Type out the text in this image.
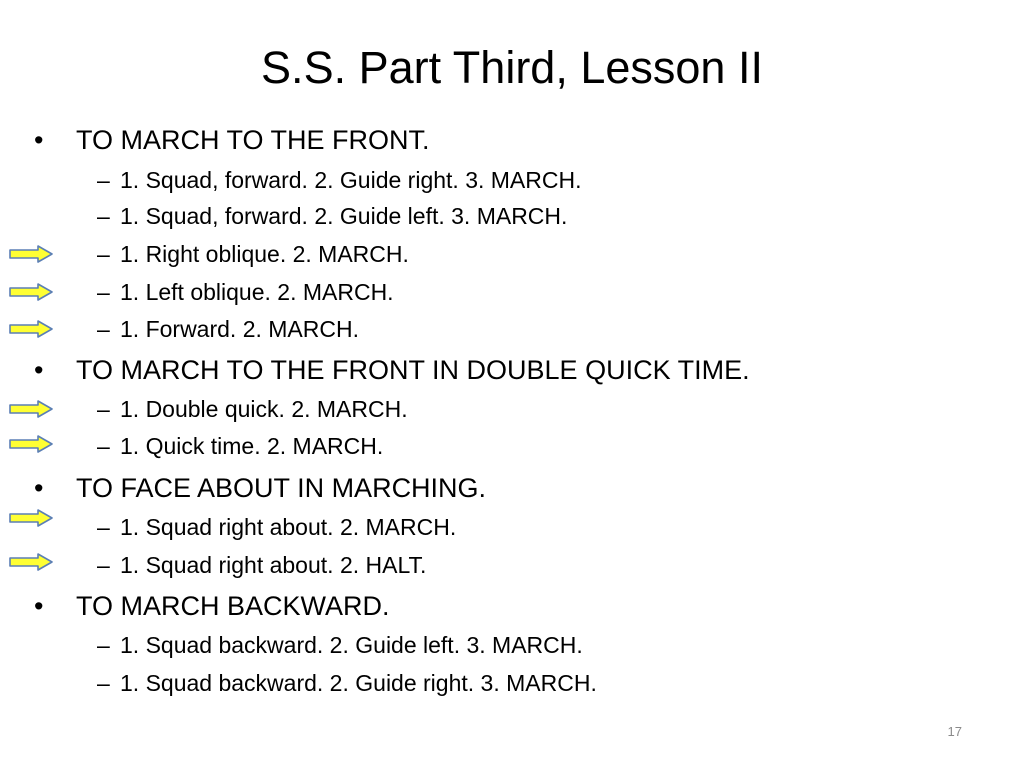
S.S. Part Third, Lesson II
• TO MARCH TO THE FRONT.
– 1. Squad, forward. 2. Guide right. 3. MARCH.
– 1. Squad, forward. 2. Guide left. 3. MARCH.
– 1. Right oblique. 2. MARCH.
– 1. Left oblique. 2. MARCH.
– 1. Forward. 2. MARCH.
• TO MARCH TO THE FRONT IN DOUBLE QUICK TIME.
– 1. Double quick. 2. MARCH.
– 1. Quick time. 2. MARCH.
• TO FACE ABOUT IN MARCHING.
– 1. Squad right about. 2. MARCH.
– 1. Squad right about. 2. HALT.
• TO MARCH BACKWARD.
– 1. Squad backward. 2. Guide left. 3. MARCH.
– 1. Squad backward. 2. Guide right. 3. MARCH.
17
